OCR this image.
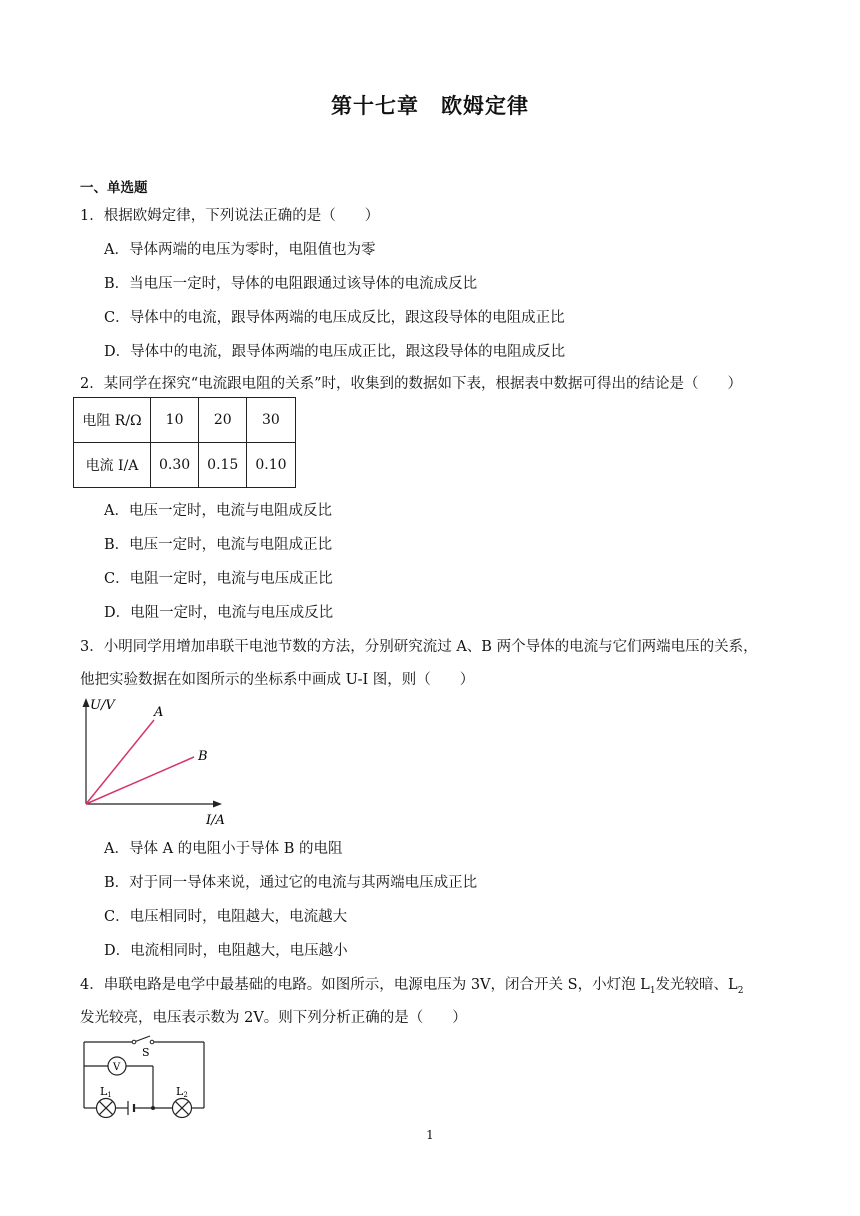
第十七章　欧姆定律
一、单选题
1．根据欧姆定律，下列说法正确的是（　　）
A．导体两端的电压为零时，电阻值也为零
B．当电压一定时，导体的电阻跟通过该导体的电流成反比
C．导体中的电流，跟导体两端的电压成反比，跟这段导体的电阻成正比
D．导体中的电流，跟导体两端的电压成正比，跟这段导体的电阻成反比
2．某同学在探究“电流跟电阻的关系”时，收集到的数据如下表，根据表中数据可得出的结论是（　　）
电阻 R/Ω	10	20	30
电流 I/A	0.30	0.15	0.10
A．电压一定时，电流与电阻成反比
B．电压一定时，电流与电阻成正比
C．电阻一定时，电流与电压成正比
D．电阻一定时，电流与电压成反比
3．小明同学用增加串联干电池节数的方法，分别研究流过 A、B 两个导体的电流与它们两端电压的关系，
他把实验数据在如图所示的坐标系中画成 U-I 图，则（　　）
U/V
I/A
A
B
A．导体 A 的电阻小于导体 B 的电阻
B．对于同一导体来说，通过它的电流与其两端电压成正比
C．电压相同时，电阻越大，电流越大
D．电流相同时，电阻越大，电压越小
4．串联电路是电学中最基础的电路。如图所示，电源电压为 3V，闭合开关 S，小灯泡 $L_1$发光较暗、$L_2$
发光较亮，电压表示数为 2V。则下列分析正确的是（　　）
S
V
L1	L2
1
